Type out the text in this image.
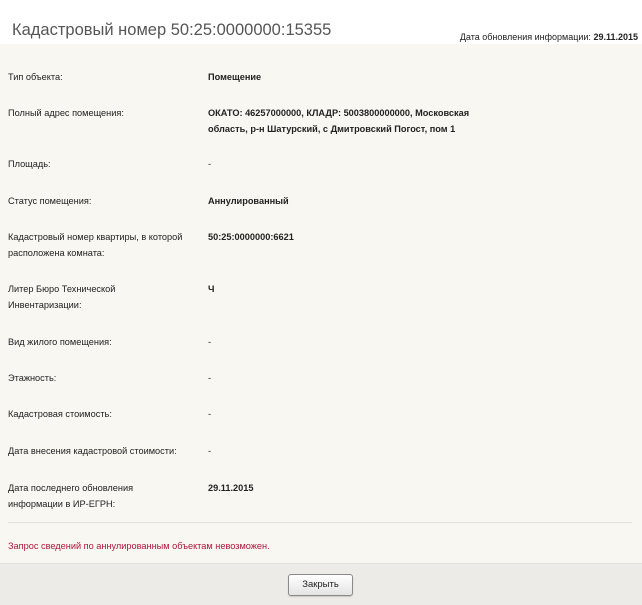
Кадастровый номер 50:25:0000000:15355	Дата обновления информации: 29.11.2015
Тип объекта:	Помещение
Полный адрес помещения:	ОКАТО: 46257000000, КЛАДР: 5003800000000, Московская область, р-н Шатурский, с Дмитровский Погост, пом 1
Площадь:	-
Статус помещения:	Аннулированный
Кадастровый номер квартиры, в которой расположена комната:
50:25:0000000:6621
Литер Бюро Технической Инвентаризации:
Ч
Вид жилого помещения:	-
Этажность:	-
Кадастровая стоимость:	-
Дата внесения кадастровой стоимости:	-
Дата последнего обновления информации в ИР-ЕГРН:
29.11.2015
Запрос сведений по аннулированным объектам невозможен.
Закрыть
